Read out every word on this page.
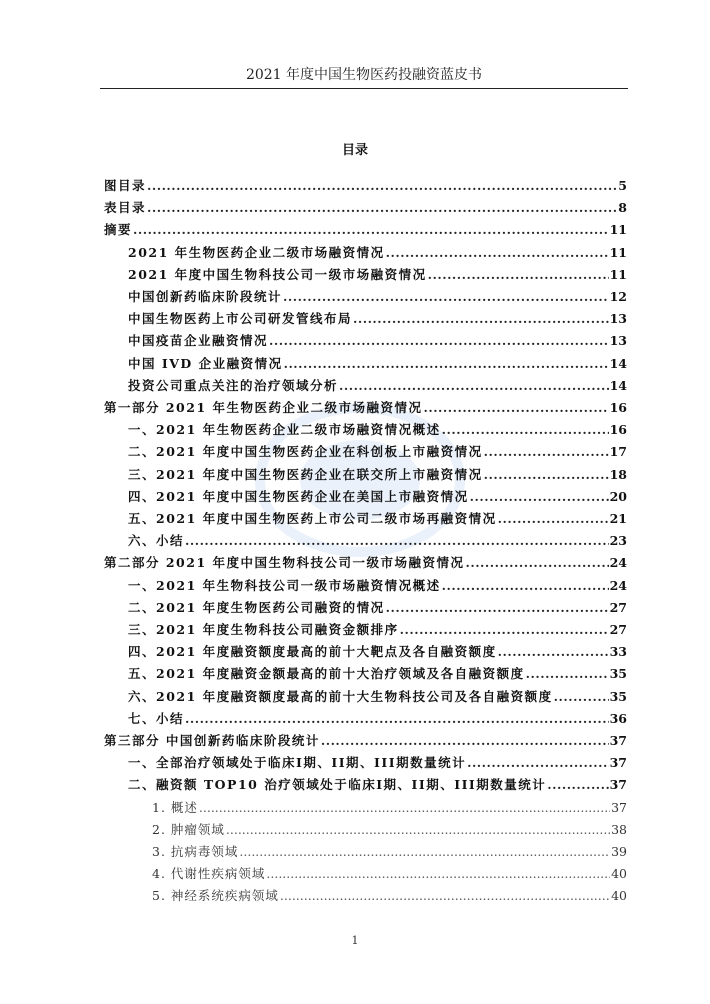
2021 年度中国生物医药投融资蓝皮书
目录
图目录 .....	5
表目录 .....	8
摘要 .....	11
2021 年生物医药企业二级市场融资情况 .....	11
2021 年度中国生物科技公司一级市场融资情况 .....	11
中国创新药临床阶段统计 .....	12
中国生物医药上市公司研发管线布局 .....	13
中国疫苗企业融资情况 .....	13
中国 IVD 企业融资情况 .....	14
投资公司重点关注的治疗领域分析 .....	14
第一部分 2021 年生物医药企业二级市场融资情况 .....	16
一、2021 年生物医药企业二级市场融资情况概述 .....	16
二、2021 年度中国生物医药企业在科创板上市融资情况 .....	17
三、2021 年度中国生物医药企业在联交所上市融资情况 .....	18
四、2021 年度中国生物医药企业在美国上市融资情况 .....	20
五、2021 年度中国生物医药上市公司二级市场再融资情况 .....	21
六、小结 .....	23
第二部分 2021 年度中国生物科技公司一级市场融资情况 .....	24
一、2021 年生物科技公司一级市场融资情况概述 .....	24
二、2021 年度生物医药公司融资的情况 .....	27
三、2021 年度生物科技公司融资金额排序 .....	27
四、2021 年度融资额度最高的前十大靶点及各自融资额度 .....	33
五、2021 年度融资金额最高的前十大治疗领域及各自融资额度 .....	35
六、2021 年度融资额度最高的前十大生物科技公司及各自融资额度 .....	35
七、小结 .....	36
第三部分 中国创新药临床阶段统计 .....	37
一、全部治疗领域处于临床I期、II期、III期数量统计 .....	37
二、融资额 TOP10 治疗领域处于临床I期、II期、III期数量统计 .....	37
1. 概述 .....	37
2. 肿瘤领域 .....	38
3. 抗病毒领域 .....	39
4. 代谢性疾病领域 .....	40
5. 神经系统疾病领域 .....	40
1
